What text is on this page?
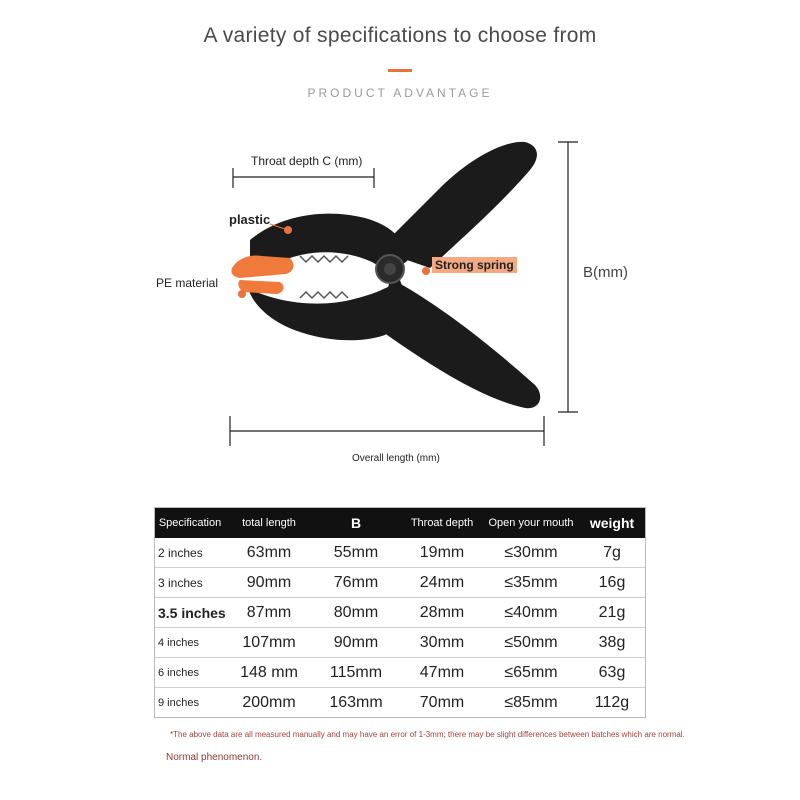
A variety of specifications to choose from
PRODUCT ADVANTAGE
Throat depth C (mm)
plastic
PE material
Strong spring	B(mm)
Overall length (mm)
Specification	total length	B	Throat depth	Open your mouth	weight
2 inches	63mm	55mm	19mm	≤30mm	7g
3 inches	90mm	76mm	24mm	≤35mm	16g
3.5 inches	87mm	80mm	28mm	≤40mm	21g
4 inches	107mm	90mm	30mm	≤50mm	38g
6 inches	148 mm	115mm	47mm	≤65mm	63g
9 inches	200mm	163mm	70mm	≤85mm	112g
*The above data are all measured manually and may have an error of 1-3mm; there may be slight differences between batches which are normal.
Normal phenomenon.
